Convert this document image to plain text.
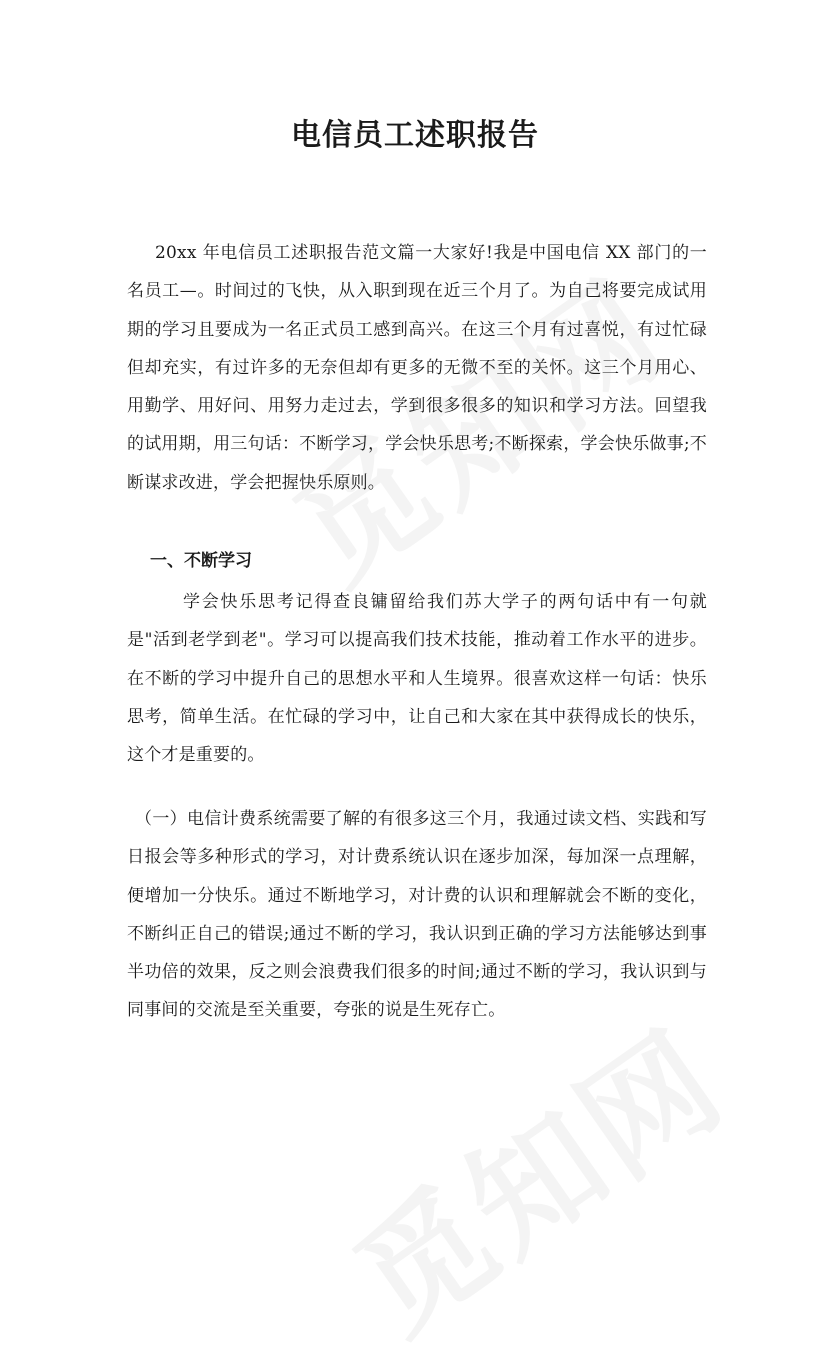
电信员工述职报告

20xx 年电信员工述职报告范文篇一大家好!我是中国电信 XX 部门的一名员工—。时间过的飞快，从入职到现在近三个月了。为自己将要完成试用期的学习且要成为一名正式员工感到高兴。在这三个月有过喜悦，有过忙碌但却充实，有过许多的无奈但却有更多的无微不至的关怀。这三个月用心、用勤学、用好问、用努力走过去，学到很多很多的知识和学习方法。回望我的试用期，用三句话：不断学习，学会快乐思考;不断探索，学会快乐做事;不断谋求改进，学会把握快乐原则。

一、不断学习

学会快乐思考记得查良镛留给我们苏大学子的两句话中有一句就是"活到老学到老"。学习可以提高我们技术技能，推动着工作水平的进步。在不断的学习中提升自己的思想水平和人生境界。很喜欢这样一句话：快乐思考，简单生活。在忙碌的学习中，让自己和大家在其中获得成长的快乐，这个才是重要的。

（一）电信计费系统需要了解的有很多这三个月，我通过读文档、实践和写日报会等多种形式的学习，对计费系统认识在逐步加深，每加深一点理解，便增加一分快乐。通过不断地学习，对计费的认识和理解就会不断的变化，不断纠正自己的错误;通过不断的学习，我认识到正确的学习方法能够达到事半功倍的效果，反之则会浪费我们很多的时间;通过不断的学习，我认识到与同事间的交流是至关重要，夸张的说是生死存亡。
